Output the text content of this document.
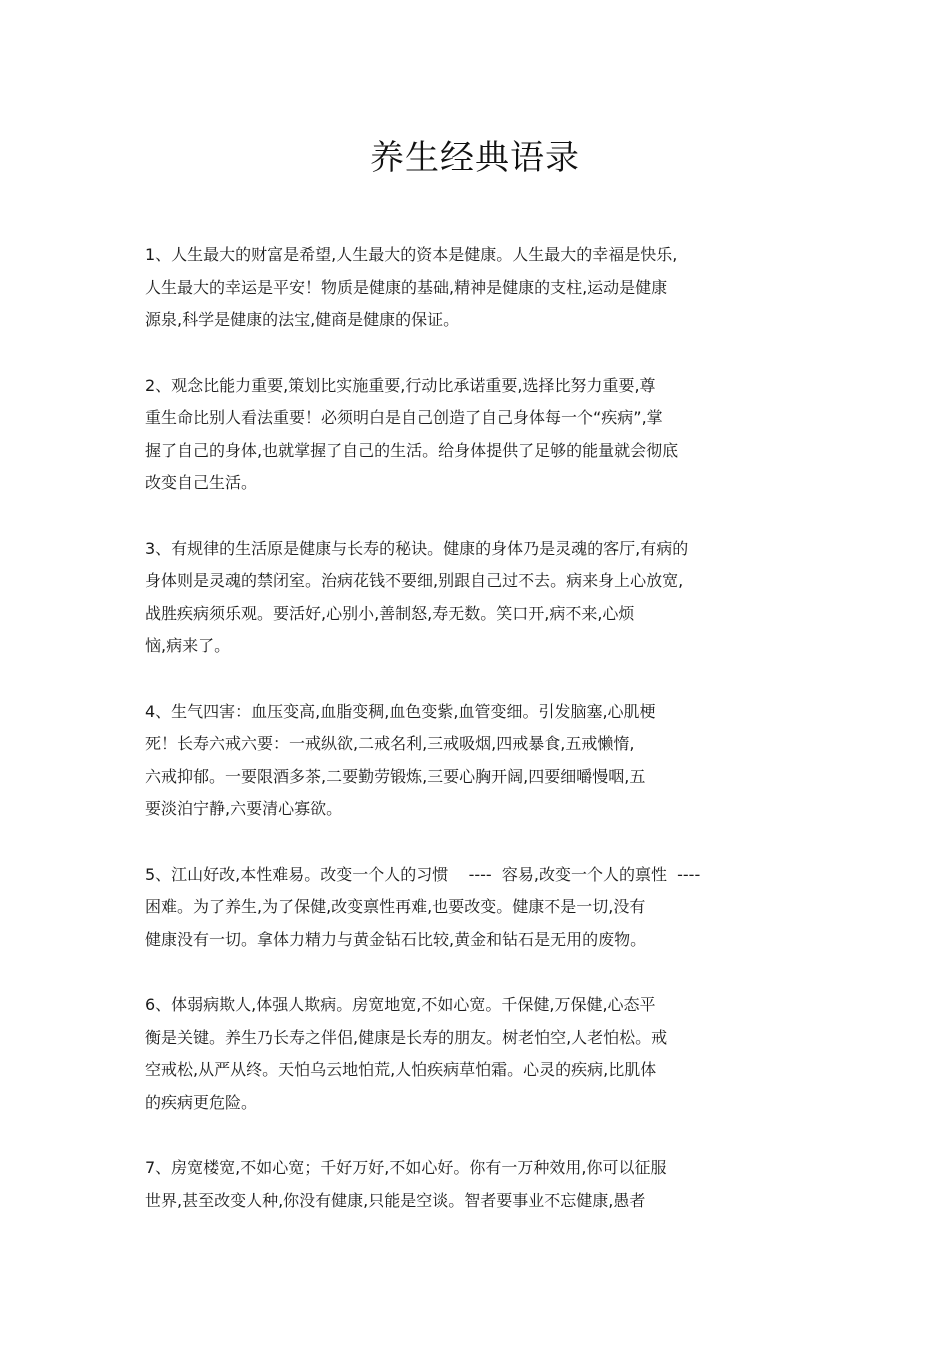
养生经典语录

1、人生最大的财富是希望,人生最大的资本是健康。人生最大的幸福是快乐,
人生最大的幸运是平安！物质是健康的基础,精神是健康的支柱,运动是健康
源泉,科学是健康的法宝,健商是健康的保证。

2、观念比能力重要,策划比实施重要,行动比承诺重要,选择比努力重要,尊
重生命比别人看法重要！必须明白是自己创造了自己身体每一个“疾病”,掌
握了自己的身体,也就掌握了自己的生活。给身体提供了足够的能量就会彻底
改变自己生活。

3、有规律的生活原是健康与长寿的秘诀。健康的身体乃是灵魂的客厅,有病的
身体则是灵魂的禁闭室。治病花钱不要细,别跟自己过不去。病来身上心放宽,
战胜疾病须乐观。要活好,心别小,善制怒,寿无数。笑口开,病不来,心烦
恼,病来了。

4、生气四害：血压变高,血脂变稠,血色变紫,血管变细。引发脑塞,心肌梗
死！长寿六戒六要：一戒纵欲,二戒名利,三戒吸烟,四戒暴食,五戒懒惰,
六戒抑郁。一要限酒多茶,二要勤劳锻炼,三要心胸开阔,四要细嚼慢咽,五
要淡泊宁静,六要清心寡欲。

5、江山好改,本性难易。改变一个人的习惯    ----  容易,改变一个人的禀性  ----
困难。为了养生,为了保健,改变禀性再难,也要改变。健康不是一切,没有
健康没有一切。拿体力精力与黄金钻石比较,黄金和钻石是无用的废物。

6、体弱病欺人,体强人欺病。房宽地宽,不如心宽。千保健,万保健,心态平
衡是关键。养生乃长寿之伴侣,健康是长寿的朋友。树老怕空,人老怕松。戒
空戒松,从严从终。天怕乌云地怕荒,人怕疾病草怕霜。心灵的疾病,比肌体
的疾病更危险。

7、房宽楼宽,不如心宽；千好万好,不如心好。你有一万种效用,你可以征服
世界,甚至改变人种,你没有健康,只能是空谈。智者要事业不忘健康,愚者
